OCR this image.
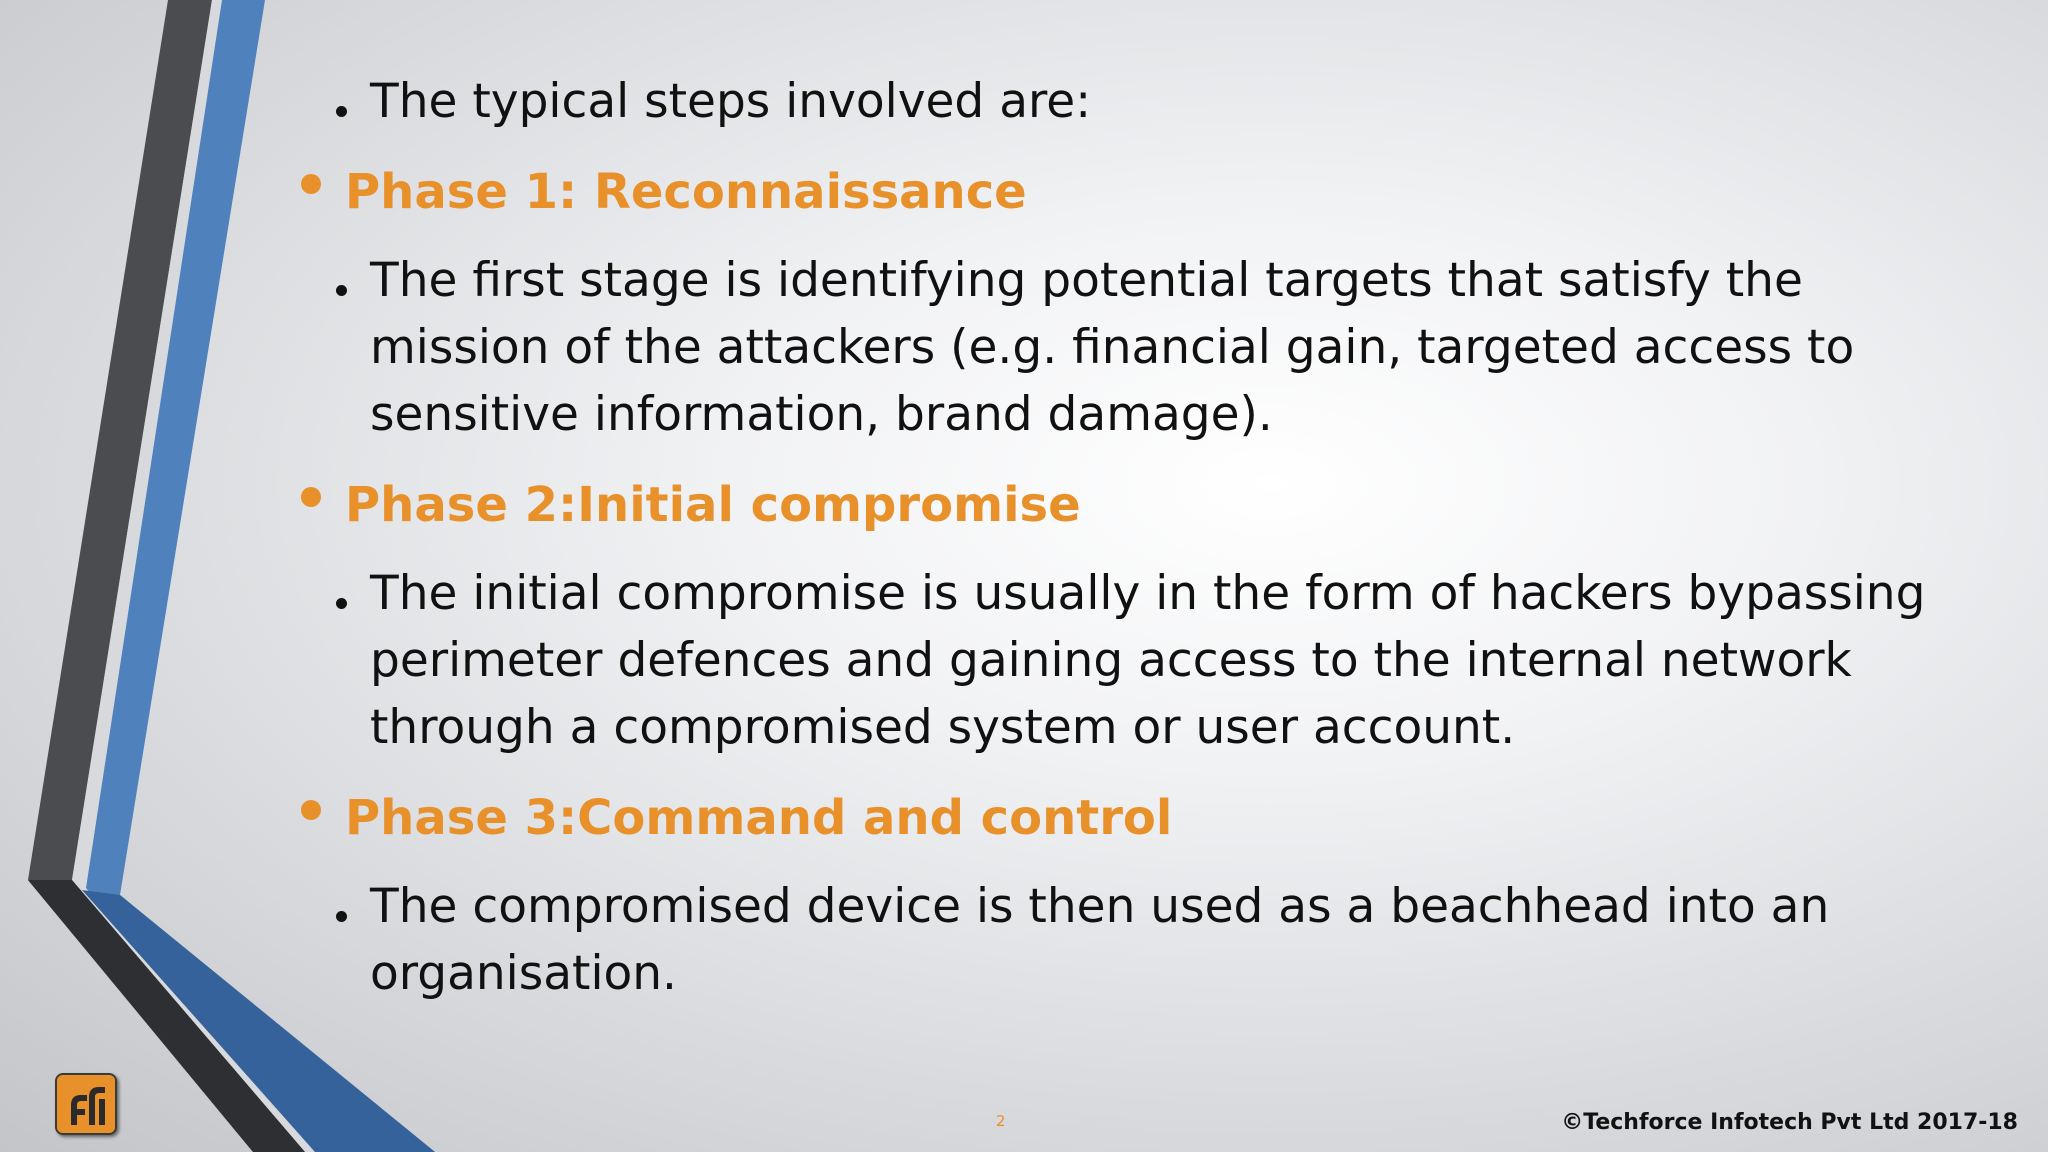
The typical steps involved are:
Phase 1: Reconnaissance
The first stage is identifying potential targets that satisfy the
mission of the attackers (e.g. financial gain, targeted access to
sensitive information, brand damage).
Phase 2:Initial compromise
The initial compromise is usually in the form of hackers bypassing
perimeter defences and gaining access to the internal network
through a compromised system or user account.
Phase 3:Command and control
The compromised device is then used as a beachhead into an
organisation.
2	©Techforce Infotech Pvt Ltd 2017-18
